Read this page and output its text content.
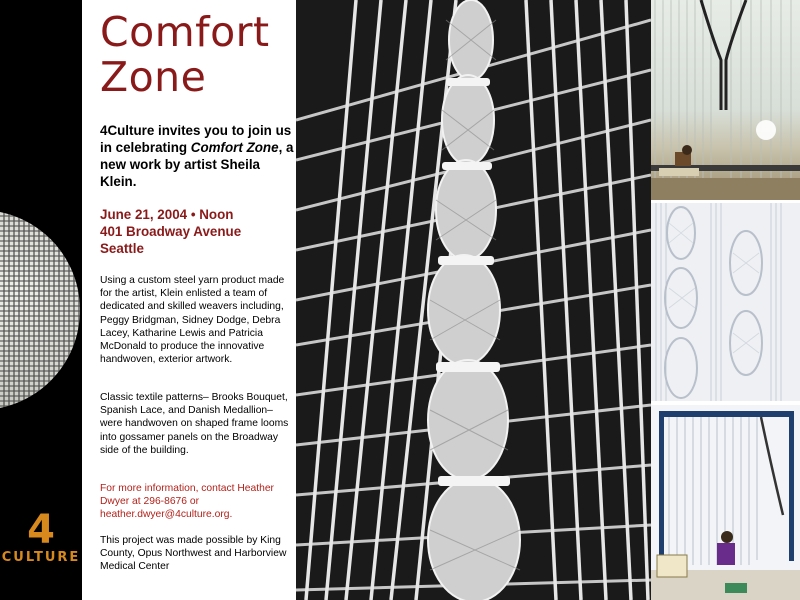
4
CULTURE
Comfort
Zone
4Culture invites you to join us in celebrating Comfort Zone, a new work by artist Sheila Klein.
June 21, 2004 • Noon
401 Broadway Avenue
Seattle
Using a custom steel yarn product made for the artist, Klein enlisted a team of dedicated and skilled weavers including, Peggy Bridgman, Sidney Dodge, Debra Lacey, Katharine Lewis and Patricia McDonald to produce the innovative handwoven, exterior artwork.
Classic textile patterns– Brooks Bouquet, Spanish Lace, and Danish Medallion–were handwoven on shaped frame looms into gossamer panels on the Broadway side of the building.
For more information, contact Heather Dwyer at 296-8676 or heather.dwyer@4culture.org.
This project was made possible by King County, Opus Northwest and Harborview Medical Center
